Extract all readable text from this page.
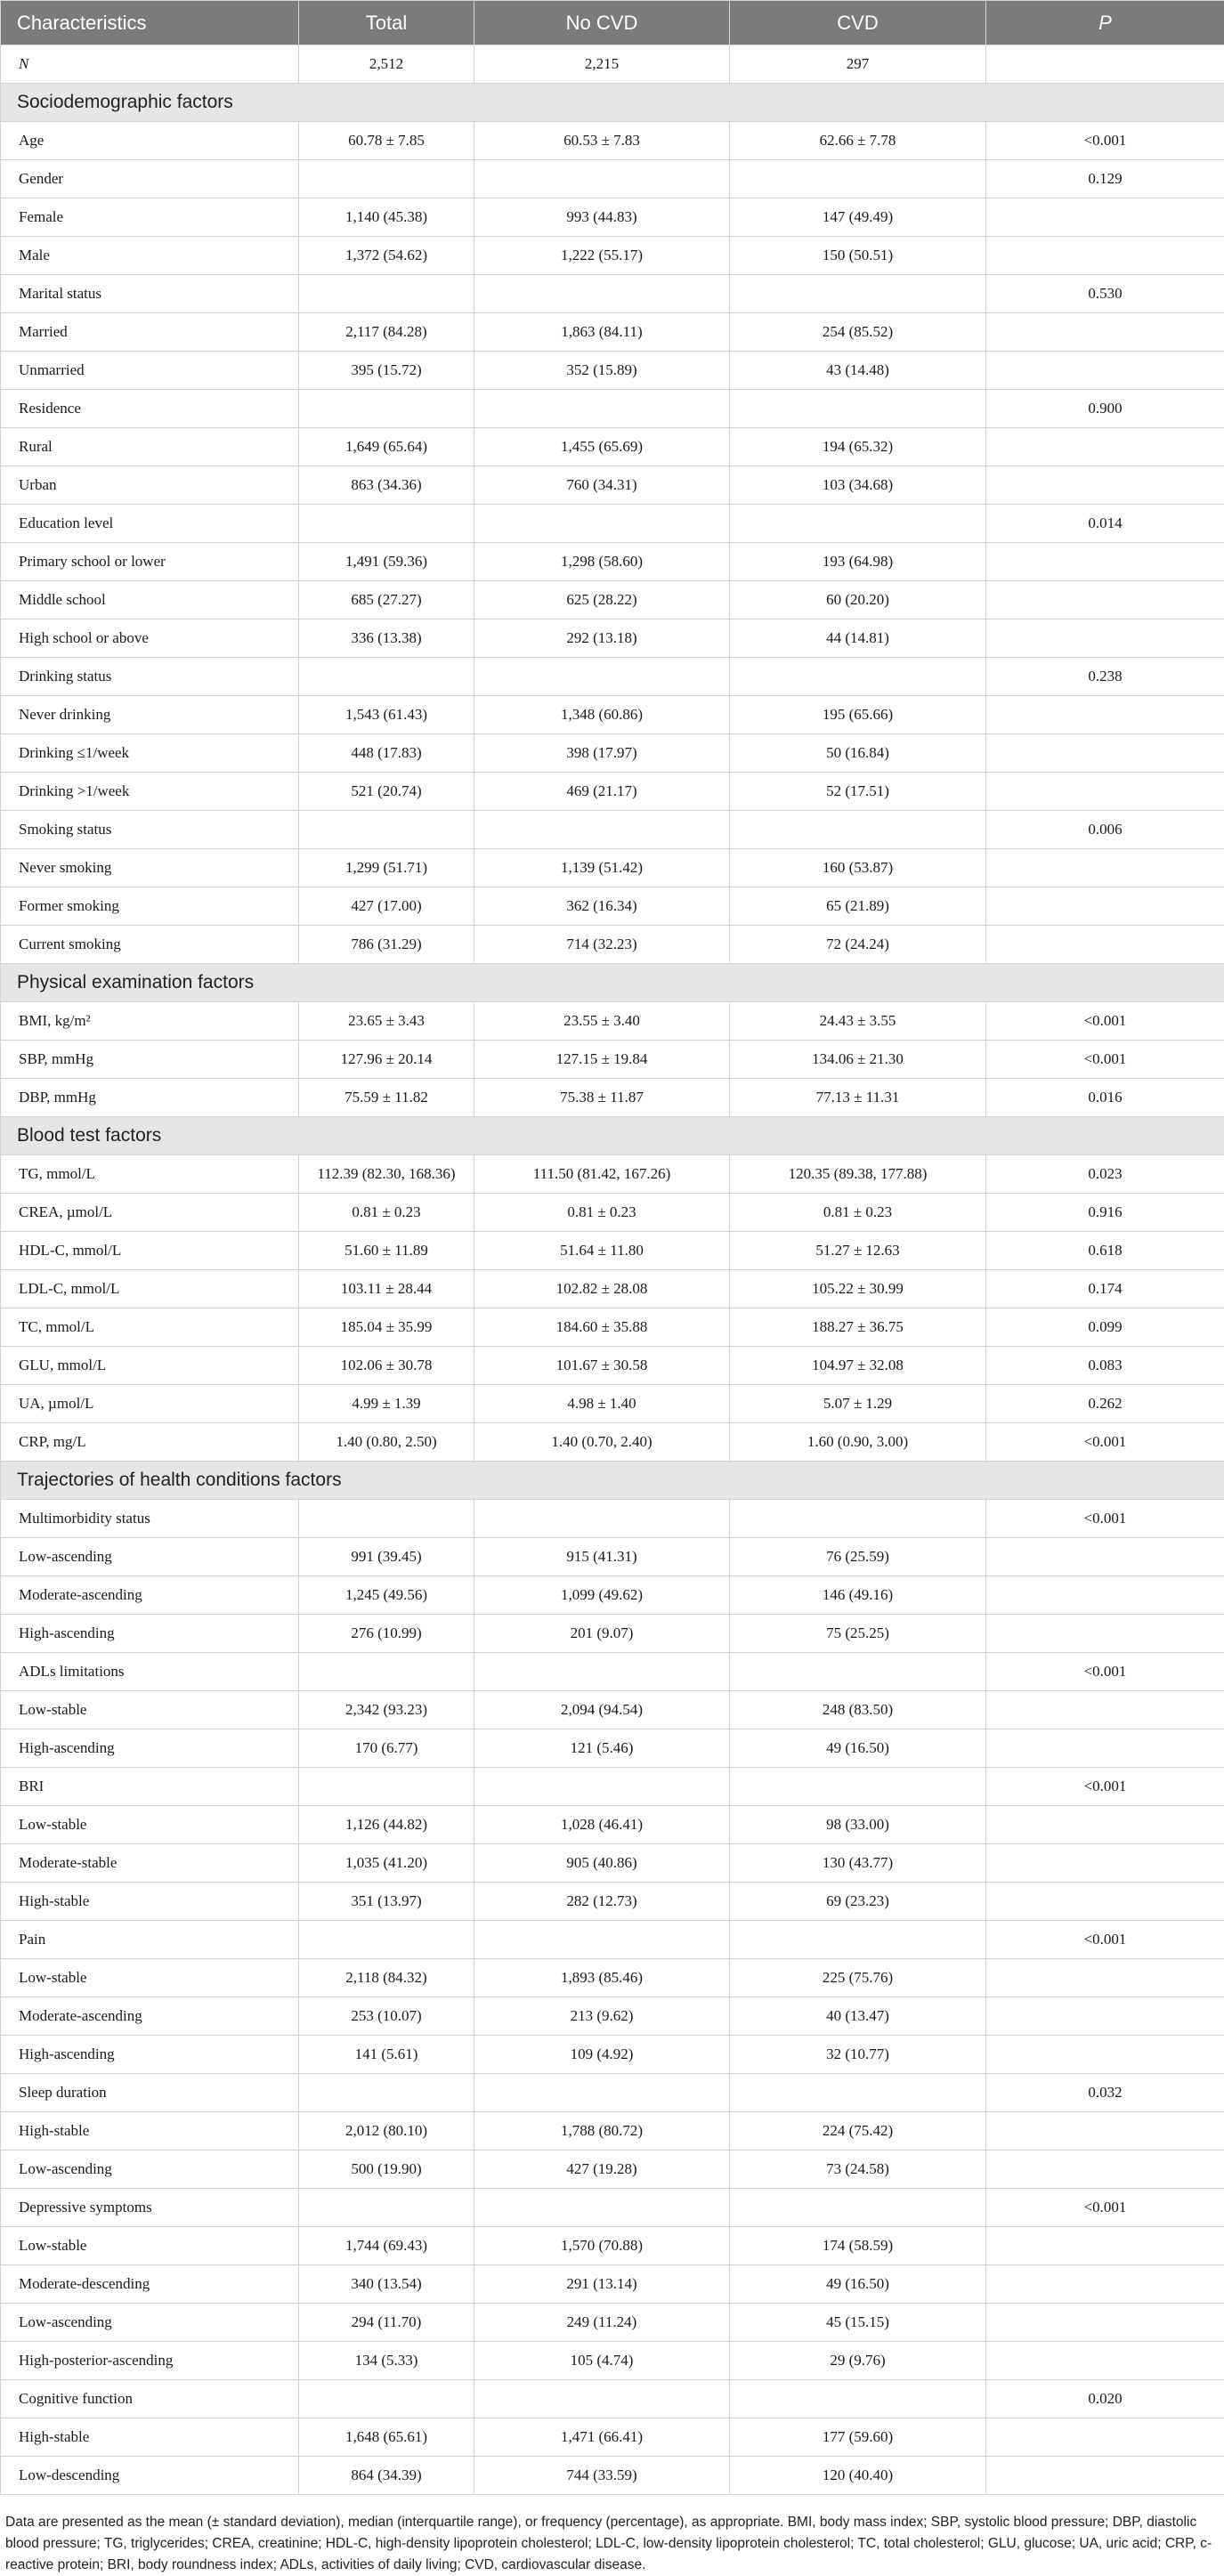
Characteristics	Total	No CVD	CVD	P
N	2,512	2,215	297	
Sociodemographic factors				
Age	60.78 ± 7.85	60.53 ± 7.83	62.66 ± 7.78	<0.001
Gender				0.129
Female	1,140 (45.38)	993 (44.83)	147 (49.49)	
Male	1,372 (54.62)	1,222 (55.17)	150 (50.51)	
Marital status				0.530
Married	2,117 (84.28)	1,863 (84.11)	254 (85.52)	
Unmarried	395 (15.72)	352 (15.89)	43 (14.48)	
Residence				0.900
Rural	1,649 (65.64)	1,455 (65.69)	194 (65.32)	
Urban	863 (34.36)	760 (34.31)	103 (34.68)	
Education level				0.014
Primary school or lower	1,491 (59.36)	1,298 (58.60)	193 (64.98)	
Middle school	685 (27.27)	625 (28.22)	60 (20.20)	
High school or above	336 (13.38)	292 (13.18)	44 (14.81)	
Drinking status				0.238
Never drinking	1,543 (61.43)	1,348 (60.86)	195 (65.66)	
Drinking ≤1/week	448 (17.83)	398 (17.97)	50 (16.84)	
Drinking >1/week	521 (20.74)	469 (21.17)	52 (17.51)	
Smoking status				0.006
Never smoking	1,299 (51.71)	1,139 (51.42)	160 (53.87)	
Former smoking	427 (17.00)	362 (16.34)	65 (21.89)	
Current smoking	786 (31.29)	714 (32.23)	72 (24.24)	
Physical examination factors				
BMI, kg/m²	23.65 ± 3.43	23.55 ± 3.40	24.43 ± 3.55	<0.001
SBP, mmHg	127.96 ± 20.14	127.15 ± 19.84	134.06 ± 21.30	<0.001
DBP, mmHg	75.59 ± 11.82	75.38 ± 11.87	77.13 ± 11.31	0.016
Blood test factors				
TG, mmol/L	112.39 (82.30, 168.36)	111.50 (81.42, 167.26)	120.35 (89.38, 177.88)	0.023
CREA, µmol/L	0.81 ± 0.23	0.81 ± 0.23	0.81 ± 0.23	0.916
HDL-C, mmol/L	51.60 ± 11.89	51.64 ± 11.80	51.27 ± 12.63	0.618
LDL-C, mmol/L	103.11 ± 28.44	102.82 ± 28.08	105.22 ± 30.99	0.174
TC, mmol/L	185.04 ± 35.99	184.60 ± 35.88	188.27 ± 36.75	0.099
GLU, mmol/L	102.06 ± 30.78	101.67 ± 30.58	104.97 ± 32.08	0.083
UA, µmol/L	4.99 ± 1.39	4.98 ± 1.40	5.07 ± 1.29	0.262
CRP, mg/L	1.40 (0.80, 2.50)	1.40 (0.70, 2.40)	1.60 (0.90, 3.00)	<0.001
Trajectories of health conditions factors				
Multimorbidity status				<0.001
Low-ascending	991 (39.45)	915 (41.31)	76 (25.59)	
Moderate-ascending	1,245 (49.56)	1,099 (49.62)	146 (49.16)	
High-ascending	276 (10.99)	201 (9.07)	75 (25.25)	
ADLs limitations				<0.001
Low-stable	2,342 (93.23)	2,094 (94.54)	248 (83.50)	
High-ascending	170 (6.77)	121 (5.46)	49 (16.50)	
BRI				<0.001
Low-stable	1,126 (44.82)	1,028 (46.41)	98 (33.00)	
Moderate-stable	1,035 (41.20)	905 (40.86)	130 (43.77)	
High-stable	351 (13.97)	282 (12.73)	69 (23.23)	
Pain				<0.001
Low-stable	2,118 (84.32)	1,893 (85.46)	225 (75.76)	
Moderate-ascending	253 (10.07)	213 (9.62)	40 (13.47)	
High-ascending	141 (5.61)	109 (4.92)	32 (10.77)	
Sleep duration				0.032
High-stable	2,012 (80.10)	1,788 (80.72)	224 (75.42)	
Low-ascending	500 (19.90)	427 (19.28)	73 (24.58)	
Depressive symptoms				<0.001
Low-stable	1,744 (69.43)	1,570 (70.88)	174 (58.59)	
Moderate-descending	340 (13.54)	291 (13.14)	49 (16.50)	
Low-ascending	294 (11.70)	249 (11.24)	45 (15.15)	
High-posterior-ascending	134 (5.33)	105 (4.74)	29 (9.76)	
Cognitive function				0.020
High-stable	1,648 (65.61)	1,471 (66.41)	177 (59.60)	
Low-descending	864 (34.39)	744 (33.59)	120 (40.40)	
Data are presented as the mean (± standard deviation), median (interquartile range), or frequency (percentage), as appropriate. BMI, body mass index; SBP, systolic blood pressure; DBP, diastolic blood pressure; TG, triglycerides; CREA, creatinine; HDL-C, high-density lipoprotein cholesterol; LDL-C, low-density lipoprotein cholesterol; TC, total cholesterol; GLU, glucose; UA, uric acid; CRP, c-reactive protein; BRI, body roundness index; ADLs, activities of daily living; CVD, cardiovascular disease.
